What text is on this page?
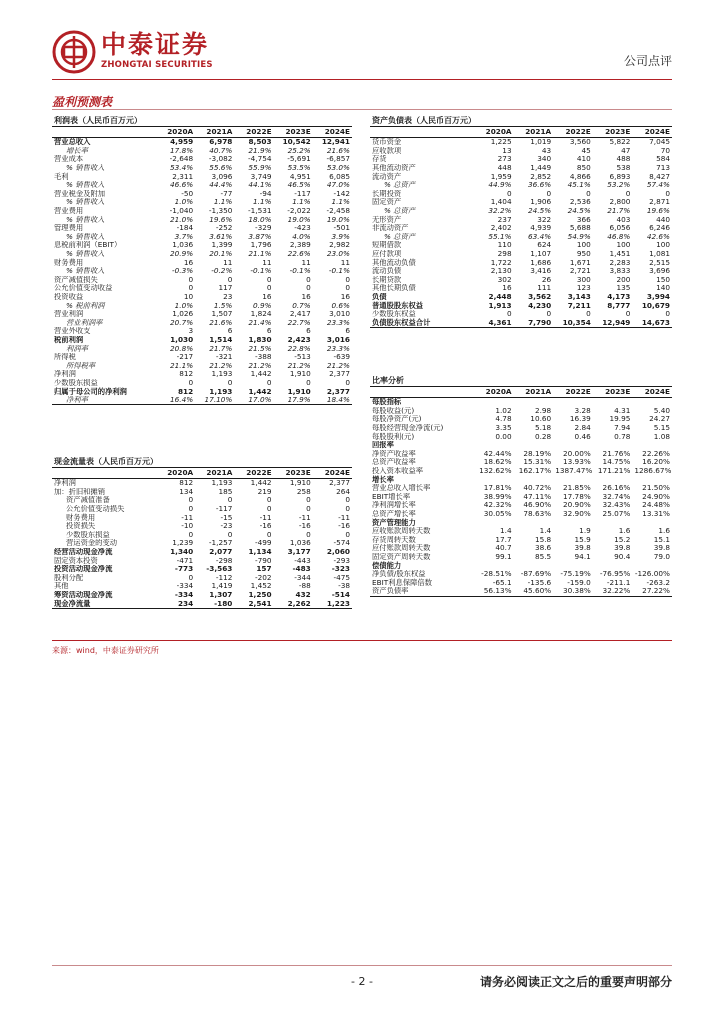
中泰证券
ZHONGTAI SECURITIES	公司点评
盈利预测表
利润表（人民币百万元）					
	2020A	2021A	2022E	2023E	2024E
营业总收入	4,959	6,978	8,503	10,542	12,941
增长率	17.8%	40.7%	21.9%	25.2%	21.6%
营业成本	-2,648	-3,082	-4,754	-5,691	-6,857
% 销售收入	53.4%	55.6%	55.9%	53.5%	53.0%
毛利	2,311	3,096	3,749	4,951	6,085
% 销售收入	46.6%	44.4%	44.1%	46.5%	47.0%
营业税金及附加	-50	-77	-94	-117	-142
% 销售收入	1.0%	1.1%	1.1%	1.1%	1.1%
营业费用	-1,040	-1,350	-1,531	-2,022	-2,458
% 销售收入	21.0%	19.6%	18.0%	19.0%	19.0%
管理费用	-184	-252	-329	-423	-501
% 销售收入	3.7%	3.61%	3.87%	4.0%	3.9%
息税前利润（EBIT）	1,036	1,399	1,796	2,389	2,982
% 销售收入	20.9%	20.1%	21.1%	22.6%	23.0%
财务费用	16	11	11	11	11
% 销售收入	-0.3%	-0.2%	-0.1%	-0.1%	-0.1%
资产减值损失	0	0	0	0	0
公允价值变动收益	0	117	0	0	0
投资收益	10	23	16	16	16
% 税前利润	1.0%	1.5%	0.9%	0.7%	0.6%
营业利润	1,026	1,507	1,824	2,417	3,010
营业利润率	20.7%	21.6%	21.4%	22.7%	23.3%
营业外收支	3	6	6	6	6
税前利润	1,030	1,514	1,830	2,423	3,016
利润率	20.8%	21.7%	21.5%	22.8%	23.3%
所得税	-217	-321	-388	-513	-639
所得税率	21.1%	21.2%	21.2%	21.2%	21.2%
净利润	812	1,193	1,442	1,910	2,377
少数股东损益	0	0	0	0	0
归属于母公司的净利润	812	1,193	1,442	1,910	2,377
净利率	16.4%	17.10%	17.0%	17.9%	18.4%
现金流量表（人民币百万元）					
	2020A	2021A	2022E	2023E	2024E
净利润	812	1,193	1,442	1,910	2,377
加：折旧和摊销	134	185	219	258	264
资产减值准备	0	0	0	0	0
公允价值变动损失	0	-117	0	0	0
财务费用	-11	-15	-11	-11	-11
投资损失	-10	-23	-16	-16	-16
少数股东损益	0	0	0	0	0
营运资金的变动	1,239	-1,257	-499	1,036	-574
经营活动现金净流	1,340	2,077	1,134	3,177	2,060
固定资本投资	-471	-298	-790	-443	-293
投资活动现金净流	-773	-3,563	157	-483	-323
股利分配	0	-112	-202	-344	-475
其他	-334	1,419	1,452	-88	-38
筹资活动现金净流	-334	1,307	1,250	432	-514
现金净流量	234	-180	2,541	2,262	1,223
资产负债表（人民币百万元）					
	2020A	2021A	2022E	2023E	2024E
货币资金	1,225	1,019	3,560	5,822	7,045
应收款项	13	43	45	47	70
存货	273	340	410	488	584
其他流动资产	448	1,449	850	538	713
流动资产	1,959	2,852	4,866	6,893	8,427
% 总资产	44.9%	36.6%	45.1%	53.2%	57.4%
长期投资	0	0	0	0	0
固定资产	1,404	1,906	2,536	2,800	2,871
% 总资产	32.2%	24.5%	24.5%	21.7%	19.6%
无形资产	237	322	366	403	440
非流动资产	2,402	4,939	5,688	6,056	6,246
% 总资产	55.1%	63.4%	54.9%	46.8%	42.6%
短期借款	110	624	100	100	100
应付款项	298	1,107	950	1,451	1,081
其他流动负债	1,722	1,686	1,671	2,283	2,515
流动负债	2,130	3,416	2,721	3,833	3,696
长期贷款	302	26	300	200	150
其他长期负债	16	111	123	135	140
负债	2,448	3,562	3,143	4,173	3,994
普通股股东权益	1,913	4,230	7,211	8,777	10,679
少数股东权益	0	0	0	0	0
负债股东权益合计	4,361	7,790	10,354	12,949	14,673
比率分析					
	2020A	2021A	2022E	2023E	2024E
每股指标					
每股收益(元)	1.02	2.98	3.28	4.31	5.40
每股净资产(元)	4.78	10.60	16.39	19.95	24.27
每股经营现金净流(元)	3.35	5.18	2.84	7.94	5.15
每股股利(元)	0.00	0.28	0.46	0.78	1.08
回报率					
净资产收益率	42.44%	28.19%	20.00%	21.76%	22.26%
总资产收益率	18.62%	15.31%	13.93%	14.75%	16.20%
投入资本收益率	132.62%	162.17%	1387.47%	171.21%	1286.67%
增长率					
营业总收入增长率	17.81%	40.72%	21.85%	26.16%	21.50%
EBIT增长率	38.99%	47.11%	17.78%	32.74%	24.90%
净利润增长率	42.32%	46.90%	20.90%	32.43%	24.48%
总资产增长率	30.05%	78.63%	32.90%	25.07%	13.31%
资产管理能力					
应收账款周转天数	1.4	1.4	1.9	1.6	1.6
存货周转天数	17.7	15.8	15.9	15.2	15.1
应付账款周转天数	40.7	38.6	39.8	39.8	39.8
固定资产周转天数	99.1	85.5	94.1	90.4	79.0
偿债能力					
净负债/股东权益	-28.51%	-87.69%	-75.19%	-76.95%	-126.00%
EBIT利息保障倍数	-65.1	-135.6	-159.0	-211.1	-263.2
资产负债率	56.13%	45.60%	30.38%	32.22%	27.22%
来源：wind，中泰证券研究所
- 2 -	请务必阅读正文之后的重要声明部分
